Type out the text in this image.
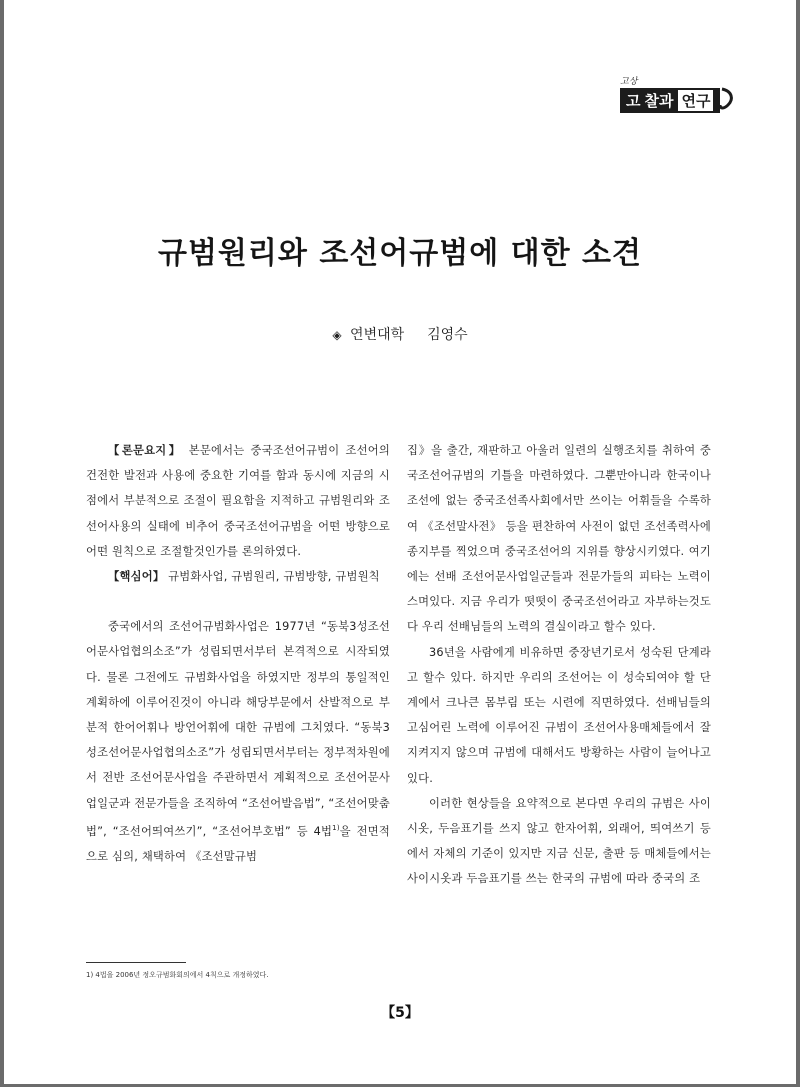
고상
고 찰과 연구
규범원리와 조선어규범에 대한 소견
◈ 연변대학 김영수

【론문요지】 본문에서는 중국조선어규범이 조선어의 건전한 발전과 사용에 중요한 기여를 함과 동시에 지금의 시점에서 부분적으로 조절이 필요함을 지적하고 규범원리와 조선어사용의 실태에 비추어 중국조선어규범을 어떤 방향으로 어떤 원칙으로 조절할것인가를 론의하였다.

【핵심어】 규범화사업, 규범원리, 규범방향, 규범원칙

중국에서의 조선어규범화사업은 1977년 “동북3성조선어문사업협의소조”가 성립되면서부터 본격적으로 시작되였다. 물론 그전에도 규범화사업을 하였지만 정부의 통일적인 계획하에 이루어진것이 아니라 해당부문에서 산발적으로 부분적 한어어휘나 방언어휘에 대한 규범에 그치였다. “동북3성조선어문사업협의소조”가 성립되면서부터는 정부적차원에서 전반 조선어문사업을 주관하면서 계획적으로 조선어문사업일군과 전문가들을 조직하여 “조선어발음법”, “조선어맞춤법”, “조선어띄여쓰기”, “조선어부호법” 등 4법$^{1)}$을 전면적으로 심의, 채택하여 《조선말규범

집》을 출간, 재판하고 아울러 일련의 실행조치를 취하여 중국조선어규범의 기틀을 마련하였다. 그뿐만아니라 한국이나 조선에 없는 중국조선족사회에서만 쓰이는 어휘들을 수록하여 《조선말사전》 등을 편찬하여 사전이 없던 조선족력사에 종지부를 찍었으며 중국조선어의 지위를 향상시키였다. 여기에는 선배 조선어문사업일군들과 전문가들의 피타는 노력이 스며있다. 지금 우리가 떳떳이 중국조선어라고 자부하는것도 다 우리 선배님들의 노력의 결실이라고 할수 있다.

36년을 사람에게 비유하면 중장년기로서 성숙된 단계라고 할수 있다. 하지만 우리의 조선어는 이 성숙되여야 할 단계에서 크나큰 몸부림 또는 시련에 직면하였다. 선배님들의 고심어린 노력에 이루어진 규범이 조선어사용매체들에서 잘 지켜지지 않으며 규범에 대해서도 방황하는 사람이 늘어나고있다.

이러한 현상들을 요약적으로 본다면 우리의 규범은 사이시옷, 두음표기를 쓰지 않고 한자어휘, 외래어, 띄여쓰기 등에서 자체의 기준이 있지만 지금 신문, 출판 등 매체들에서는 사이시옷과 두음표기를 쓰는 한국의 규범에 따라 중국의 조

1) 4법을 2006년 정오규범화회의에서 4칙으로 개정하였다.
【5】
